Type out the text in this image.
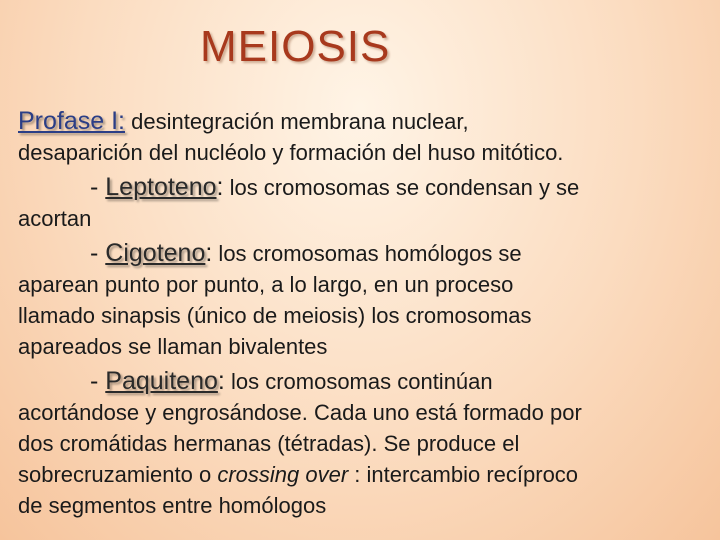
MEIOSIS
Profase I: desintegración membrana nuclear,
desaparición del nucléolo y formación del huso mitótico.
- Leptoteno: los cromosomas se condensan y se
acortan
- Cigoteno: los cromosomas homólogos se
aparean punto por punto, a lo largo, en un proceso
llamado sinapsis (único de meiosis) los cromosomas
apareados se llaman bivalentes
- Paquiteno: los cromosomas continúan
acortándose y engrosándose. Cada uno está formado por
dos cromátidas hermanas (tétradas). Se produce el
sobrecruzamiento o crossing over : intercambio recíproco
de segmentos entre homólogos
